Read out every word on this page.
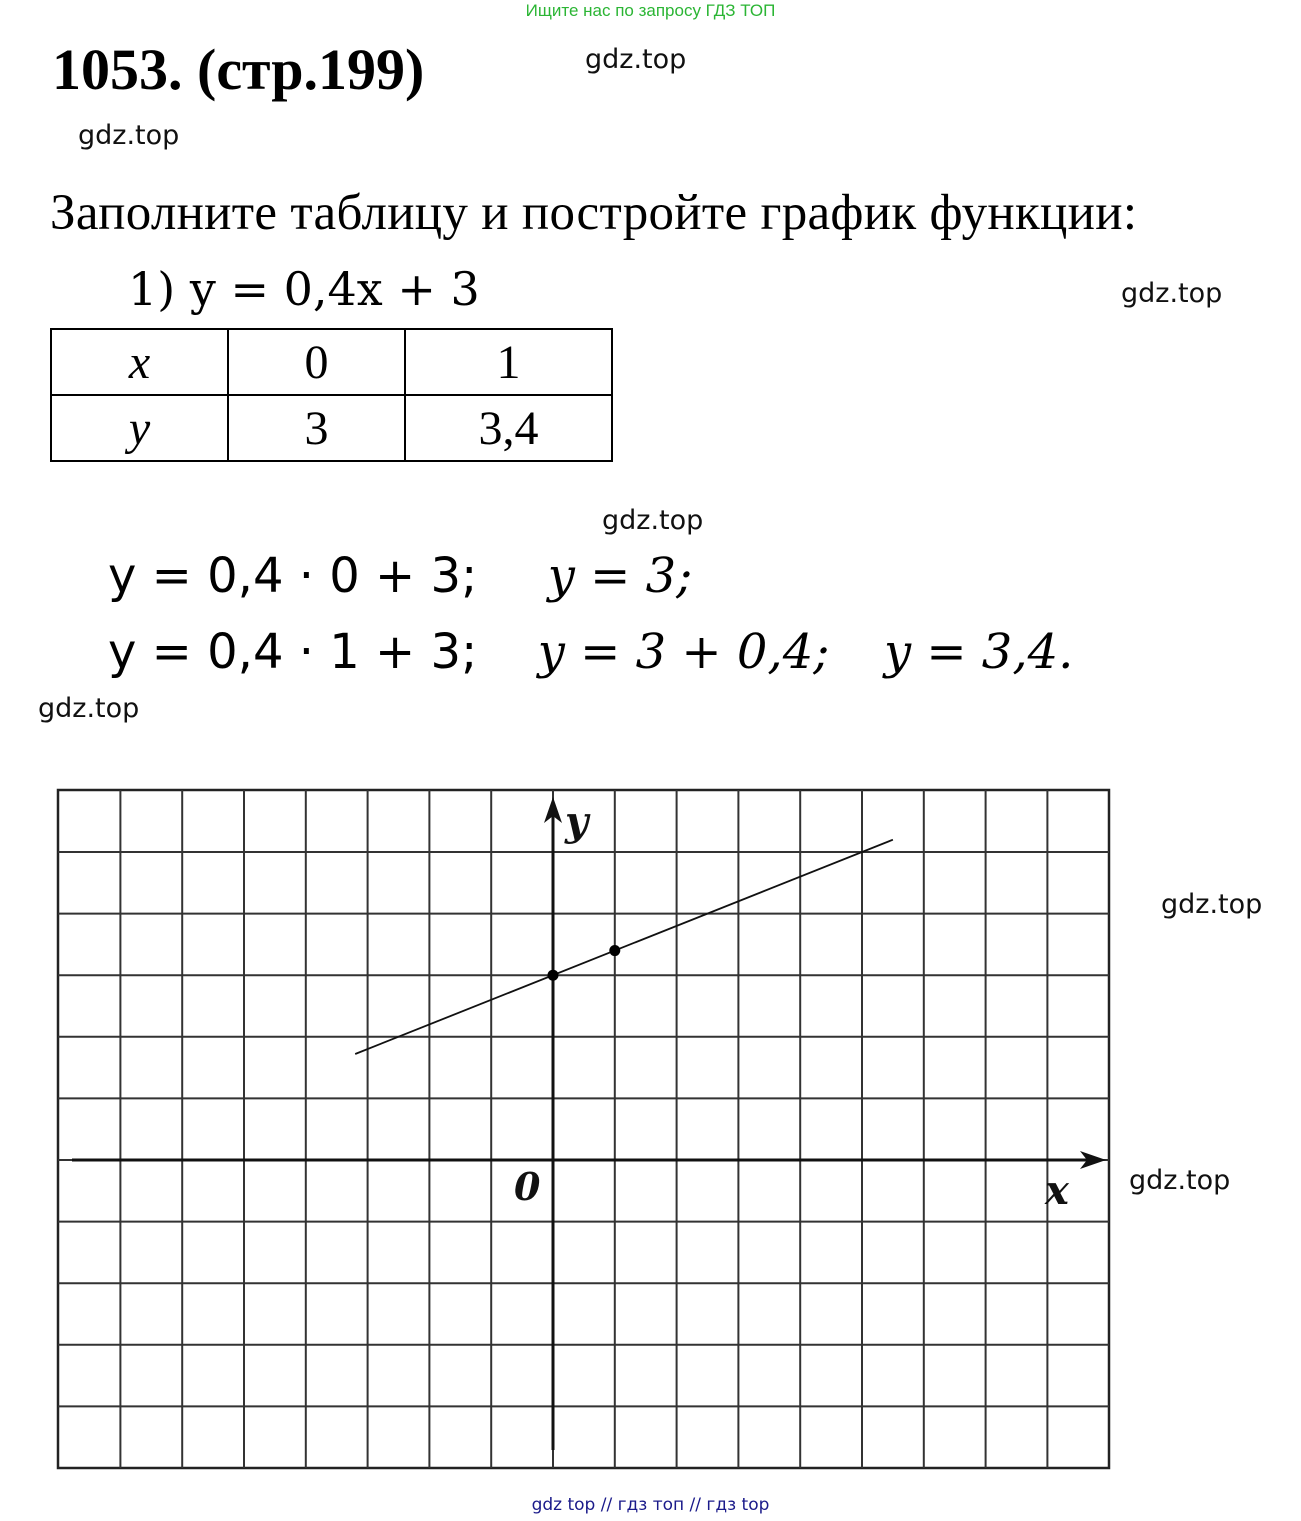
Ищите нас по запросу ГДЗ ТОП
1053. (стр.199)	gdz.top
gdz.top
gdz.top
gdz.top
gdz.top
gdz.top
gdz.top
Заполните таблицу и постройте график функции:
1) y = 0,4x + 3
x	0	1
y	3	3,4
y = 0,4 · 0 + 3; y = 3;
y = 0,4 · 1 + 3; y = 3 + 0,4; y = 3,4.
x
y
0
gdz top // гдз топ // гдз top
